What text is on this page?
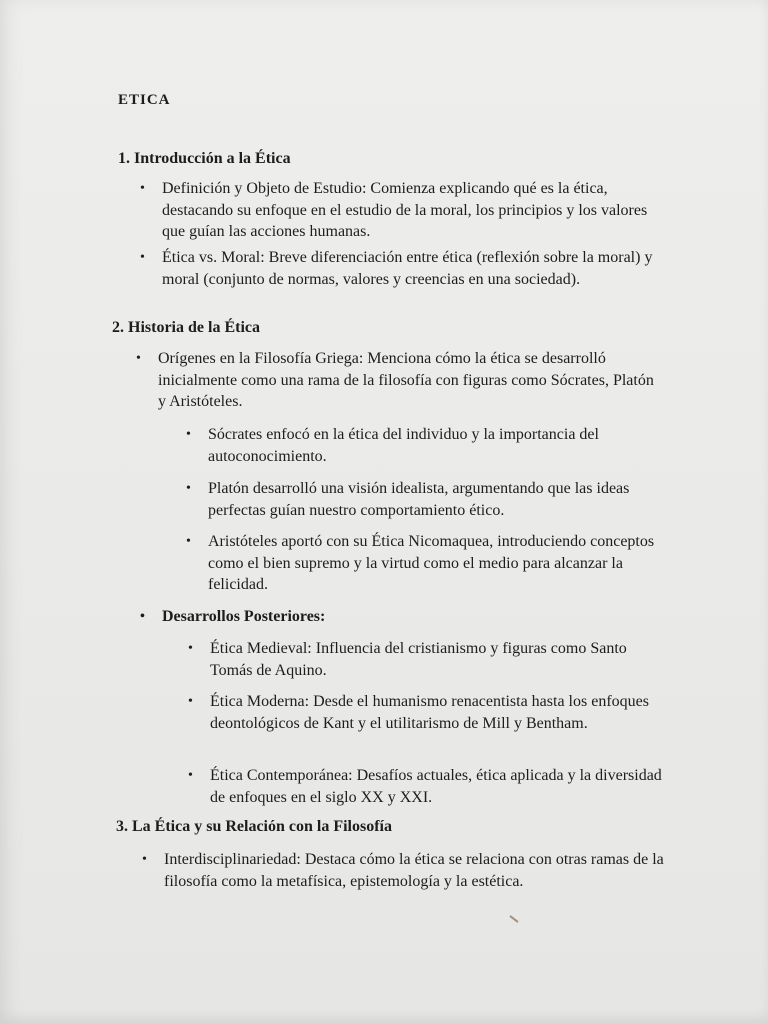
ETICA
1. Introducción a la Ética
• Definición y Objeto de Estudio: Comienza explicando qué es la ética, destacando su enfoque en el estudio de la moral, los principios y los valores que guían las acciones humanas.
• Ética vs. Moral: Breve diferenciación entre ética (reflexión sobre la moral) y moral (conjunto de normas, valores y creencias en una sociedad).
2. Historia de la Ética
• Orígenes en la Filosofía Griega: Menciona cómo la ética se desarrolló inicialmente como una rama de la filosofía con figuras como Sócrates, Platón y Aristóteles.
• Sócrates enfocó en la ética del individuo y la importancia del autoconocimiento.
• Platón desarrolló una visión idealista, argumentando que las ideas perfectas guían nuestro comportamiento ético.
• Aristóteles aportó con su Ética Nicomaquea, introduciendo conceptos como el bien supremo y la virtud como el medio para alcanzar la felicidad.
• Desarrollos Posteriores:
• Ética Medieval: Influencia del cristianismo y figuras como Santo Tomás de Aquino.
• Ética Moderna: Desde el humanismo renacentista hasta los enfoques deontológicos de Kant y el utilitarismo de Mill y Bentham.
• Ética Contemporánea: Desafíos actuales, ética aplicada y la diversidad de enfoques en el siglo XX y XXI.
3. La Ética y su Relación con la Filosofía
• Interdisciplinariedad: Destaca cómo la ética se relaciona con otras ramas de la filosofía como la metafísica, epistemología y la estética.
